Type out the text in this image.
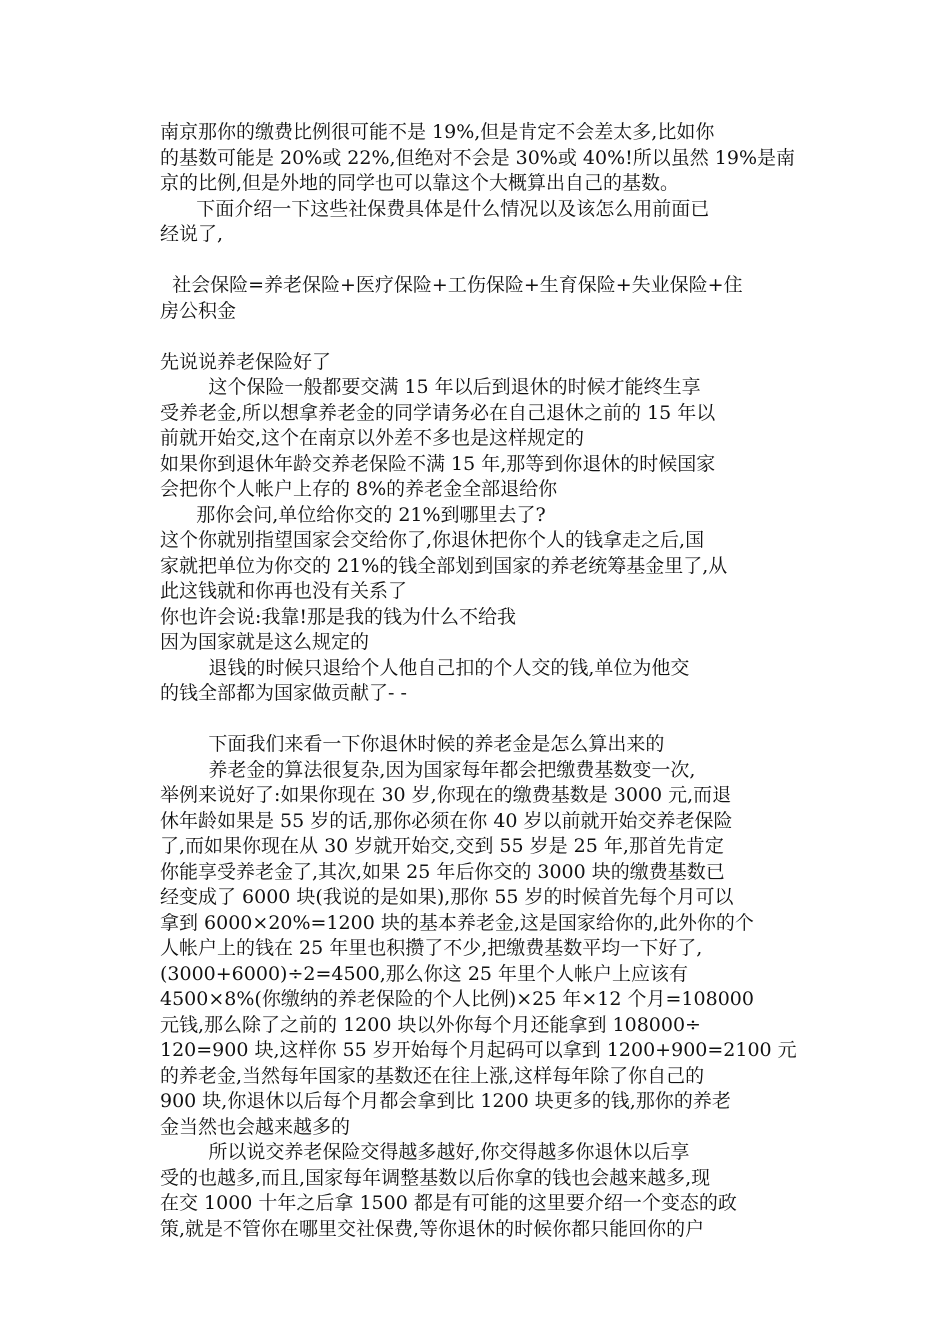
南京那你的缴费比例很可能不是 19%,但是肯定不会差太多,比如你
的基数可能是 20%或 22%,但绝对不会是 30%或 40%!所以虽然 19%是南
京的比例,但是外地的同学也可以靠这个大概算出自己的基数。
下面介绍一下这些社保费具体是什么情况以及该怎么用前面已
经说了,
社会保险=养老保险+医疗保险+工伤保险+生育保险+失业保险+住
房公积金
先说说养老保险好了
这个保险一般都要交满 15 年以后到退休的时候才能终生享
受养老金,所以想拿养老金的同学请务必在自己退休之前的 15 年以
前就开始交,这个在南京以外差不多也是这样规定的
如果你到退休年龄交养老保险不满 15 年,那等到你退休的时候国家
会把你个人帐户上存的 8%的养老金全部退给你
那你会问,单位给你交的 21%到哪里去了?
这个你就别指望国家会交给你了,你退休把你个人的钱拿走之后,国
家就把单位为你交的 21%的钱全部划到国家的养老统筹基金里了,从
此这钱就和你再也没有关系了
你也许会说:我靠!那是我的钱为什么不给我
因为国家就是这么规定的
退钱的时候只退给个人他自己扣的个人交的钱,单位为他交
的钱全部都为国家做贡献了- -
下面我们来看一下你退休时候的养老金是怎么算出来的
养老金的算法很复杂,因为国家每年都会把缴费基数变一次,
举例来说好了:如果你现在 30 岁,你现在的缴费基数是 3000 元,而退
休年龄如果是 55 岁的话,那你必须在你 40 岁以前就开始交养老保险
了,而如果你现在从 30 岁就开始交,交到 55 岁是 25 年,那首先肯定
你能享受养老金了,其次,如果 25 年后你交的 3000 块的缴费基数已
经变成了 6000 块(我说的是如果),那你 55 岁的时候首先每个月可以
拿到 6000×20%=1200 块的基本养老金,这是国家给你的,此外你的个
人帐户上的钱在 25 年里也积攒了不少,把缴费基数平均一下好了,
(3000+6000)÷2=4500,那么你这 25 年里个人帐户上应该有
4500×8%(你缴纳的养老保险的个人比例)×25 年×12 个月=108000
元钱,那么除了之前的 1200 块以外你每个月还能拿到 108000÷
120=900 块,这样你 55 岁开始每个月起码可以拿到 1200+900=2100 元
的养老金,当然每年国家的基数还在往上涨,这样每年除了你自己的
900 块,你退休以后每个月都会拿到比 1200 块更多的钱,那你的养老
金当然也会越来越多的
所以说交养老保险交得越多越好,你交得越多你退休以后享
受的也越多,而且,国家每年调整基数以后你拿的钱也会越来越多,现
在交 1000 十年之后拿 1500 都是有可能的这里要介绍一个变态的政
策,就是不管你在哪里交社保费,等你退休的时候你都只能回你的户
